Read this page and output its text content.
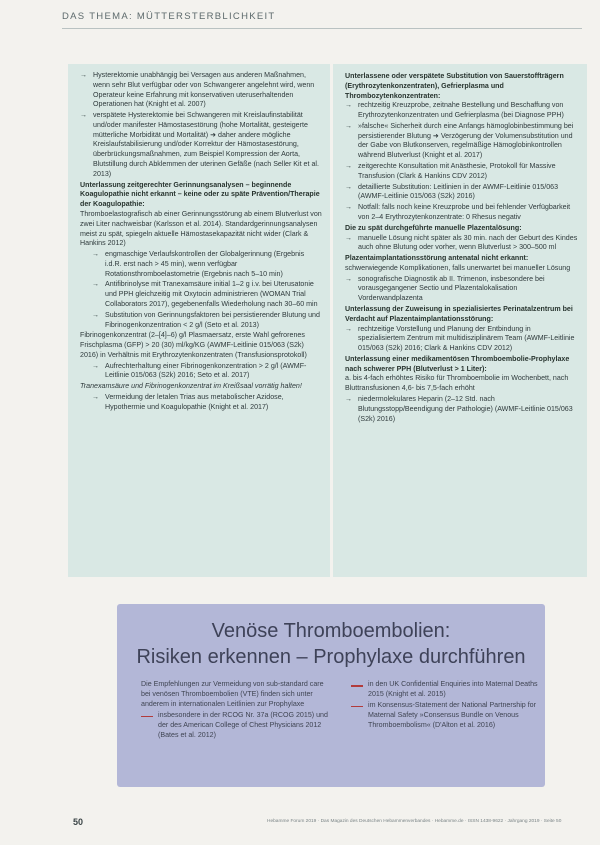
DAS THEMA: MÜTTERSTERBLICHKEIT
→ Hysterektomie unabhängig bei Versagen aus anderen Maßnahmen, wenn sehr Blut verfügbar oder von Schwangerer angelehnt wird, wenn Operateur keine Erfahrung mit konservativen uteruserhaltenden Operationen hat (Knight et al. 2007)
→ verspätete Hysterektomie bei Schwangeren mit Kreislaufinstabilität und/oder manifester Hämostasestörung (hohe Mortalität, gesteigerte mütterliche Morbidität und Mortalität) ➜ daher andere mögliche Kreislaufstabilisierung und/oder Korrektur der Hämostasestörung, überbrückungsmaßnahmen, zum Beispiel Kompression der Aorta, Blutstillung durch Abklemmen der uterinen Gefäße (nach Seller Kit et al. 2013)
Unterlassung zeitgerechter Gerinnungsanalysen – beginnende Koagulopathie nicht erkannt – keine oder zu späte Prävention/Therapie der Koagulopathie:
Thromboelastografisch ab einer Gerinnungsstörung ab einem Blutverlust von zwei Liter nachweisbar (Karlsson et al. 2014). Standardgerinnungsanalysen meist zu spät, spiegeln aktuelle Hämostasekapazität nicht wider (Clark & Hankins 2012)
→ engmaschige Verlaufskontrollen der Globalgerinnung (Ergebnis i.d.R. erst nach > 45 min), wenn verfügbar Rotationsthromboelastometrie (Ergebnis nach 5–10 min)
→ Antifibrinolyse mit Tranexamsäure initial 1–2 g i.v. bei Uterusatonie und PPH gleichzeitig mit Oxytocin administrieren (WOMAN Trial Collaborators 2017), gegebenenfalls Wiederholung nach 30–60 min
→ Substitution von Gerinnungsfaktoren bei persistierender Blutung und Fibrinogenkonzentration < 2 g/l (Seto et al. 2013)
Fibrinogenkonzentrat (2–[4]–6) g/l Plasmaersatz, erste Wahl gefrorenes Frischplasma (GFP) > 20 (30) ml/kg/KG (AWMF-Leitlinie 015/063 (S2k) 2016) in Verhältnis mit Erythrozytenkonzentraten (Transfusionsprotokoll)
→ Aufrechterhaltung einer Fibrinogenkonzentration > 2 g/l (AWMF-Leitlinie 015/063 (S2k) 2016; Seto et al. 2017)
Tranexamsäure und Fibrinogenkonzentrat im Kreißsaal vorrätig halten!
→ Vermeidung der letalen Trias aus metabolischer Azidose, Hypothermie und Koagulopathie (Knight et al. 2017)
Unterlassene oder verspätete Substitution von Sauerstoffträgern (Erythrozytenkonzentraten), Gefrierplasma und Thrombozytenkonzentraten:
→ rechtzeitig Kreuzprobe, zeitnahe Bestellung und Beschaffung von Erythrozytenkonzentraten und Gefrierplasma (bei Diagnose PPH)
→ »falsche« Sicherheit durch eine Anfangs hämoglobinbestimmung bei persistierender Blutung ➜ Verzögerung der Volumensubstitution und der Gabe von Blutkonserven, regelmäßige Hämoglobinkontrollen während Blutverlust (Knight et al. 2017)
→ zeitgerechte Konsultation mit Anästhesie, Protokoll für Massive Transfusion (Clark & Hankins CDV 2012)
→ detaillierte Substitution: Leitlinien in der AWMF-Leitlinie 015/063 (AWMF-Leitlinie 015/063 (S2k) 2016)
→ Notfall: falls noch keine Kreuzprobe und bei fehlender Verfügbarkeit von 2–4 Erythrozytenkonzentrate: 0 Rhesus negativ
Die zu spät durchgeführte manuelle Plazentalösung:
→ manuelle Lösung nicht später als 30 min. nach der Geburt des Kindes auch ohne Blutung oder vorher, wenn Blutverlust > 300–500 ml
Plazentaimplantationsstörung antenatal nicht erkannt:
schwerwiegende Komplikationen, falls unerwartet bei manueller Lösung
→ sonografische Diagnostik ab II. Trimenon, insbesondere bei vorausgegangener Sectio und Plazentalokalisation Vorderwandplazenta
Unterlassung der Zuweisung in spezialisiertes Perinatalzentrum bei Verdacht auf Plazentaimplantationsstörung:
→ rechtzeitige Vorstellung und Planung der Entbindung in spezialisiertem Zentrum mit multidisziplinärem Team (AWMF-Leitlinie 015/063 (S2k) 2016; Clark & Hankins CDV 2012)
Unterlassung einer medikamentösen Thromboembolie-Prophylaxe nach schwerer PPH (Blutverlust > 1 Liter):
a. bis 4-fach erhöhtes Risiko für Thromboembolie im Wochenbett, nach Bluttransfusionen 4,6- bis 7,5-fach erhöht
→ niedermolekulares Heparin (2–12 Std. nach Blutungsstopp/Beendigung der Pathologie) (AWMF-Leitlinie 015/063 (S2k) 2016)
Venöse Thromboembolien:
Risiken erkennen – Prophylaxe durchführen
Die Empfehlungen zur Vermeidung von sub-standard care bei venösen Thromboembolien (VTE) finden sich unter anderem in internationalen Leitlinien zur Prophylaxe
insbesondere in der RCOG Nr. 37a (RCOG 2015) und der des American College of Chest Physicians 2012 (Bates et al. 2012)
in den UK Confidential Enquiries into Maternal Deaths 2015 (Knight et al. 2015)
im Konsensus-Statement der National Partnership for Maternal Safety »Consensus Bundle on Venous Thromboembolism« (D'Alton et al. 2016)
50	Hebamme Forum 2019 · Das Magazin des Deutschen Hebammenverbandes · Hebamme.de · ISSN 1438-9622 · Jahrgang 2019 · Seite 50
